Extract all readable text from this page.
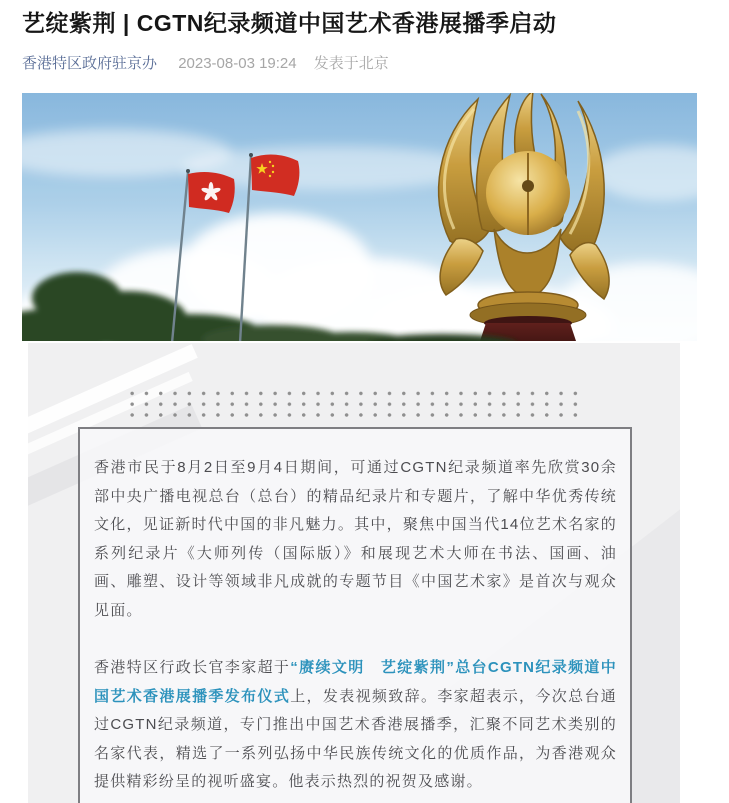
艺绽紫荆 | CGTN纪录频道中国艺术香港展播季启动
香港特区政府驻京办 2023-08-03 19:24 发表于北京

香港市民于8月2日至9月4日期间，可通过CGTN纪录频道率先欣赏30余部中央广播电视总台（总台）的精品纪录片和专题片，了解中华优秀传统文化，见证新时代中国的非凡魅力。其中，聚焦中国当代14位艺术名家的系列纪录片《大师列传（国际版）》和展现艺术大师在书法、国画、油画、雕塑、设计等领域非凡成就的专题节目《中国艺术家》是首次与观众见面。

香港特区行政长官李家超于“赓续文明　艺绽紫荆”总台CGTN纪录频道中国艺术香港展播季发布仪式上，发表视频致辞。李家超表示，今次总台通过CGTN纪录频道，专门推出中国艺术香港展播季，汇聚不同艺术类别的名家代表，精选了一系列弘扬中华民族传统文化的优质作品，为香港观众提供精彩纷呈的视听盛宴。他表示热烈的祝贺及感谢。
